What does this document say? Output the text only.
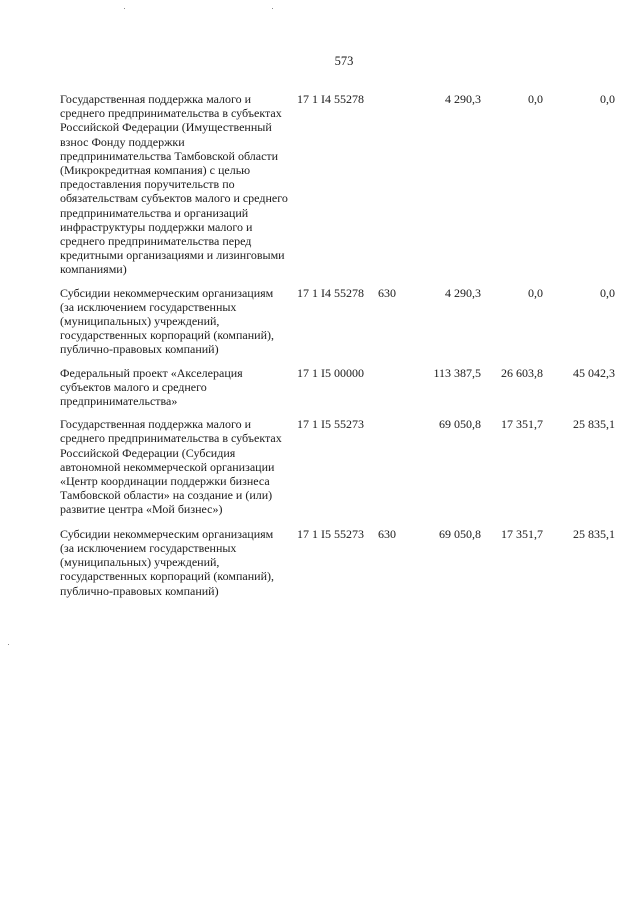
573
Государственная поддержка малого и среднего предпринимательства в субъектах Российской Федерации (Имущественный взнос Фонду поддержки предпринимательства Тамбовской области (Микрокредитная компания) с целью предоставления поручительств по обязательствам субъектов малого и среднего предпринимательства и организаций инфраструктуры поддержки малого и среднего предпринимательства перед кредитными организациями и лизинговыми компаниями)
17 1 I4 55278	4 290,3	0,0	0,0
Субсидии некоммерческим организациям (за исключением государственных (муниципальных) учреждений, государственных корпораций (компаний), публично-правовых компаний)
17 1 I4 55278 630	4 290,3	0,0	0,0
Федеральный проект «Акселерация субъектов малого и среднего предпринимательства»
17 1 I5 00000	113 387,5	26 603,8	45 042,3
Государственная поддержка малого и среднего предпринимательства в субъектах Российской Федерации (Субсидия автономной некоммерческой организации «Центр координации поддержки бизнеса Тамбовской области» на создание и (или) развитие центра «Мой бизнес»)
17 1 I5 55273	69 050,8	17 351,7	25 835,1
Субсидии некоммерческим организациям (за исключением государственных (муниципальных) учреждений, государственных корпораций (компаний), публично-правовых компаний)
17 1 I5 55273 630	69 050,8	17 351,7	25 835,1
